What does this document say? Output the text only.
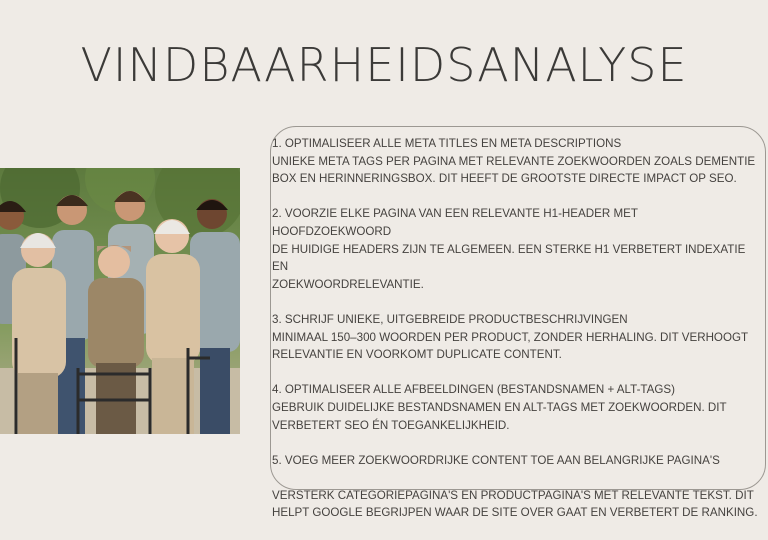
VINDBAARHEIDSANALYSE

1. OPTIMALISEER ALLE META TITLES EN META DESCRIPTIONS

UNIEKE META TAGS PER PAGINA MET RELEVANTE ZOEKWOORDEN ZOALS DEMENTIE
BOX EN HERINNERINGSBOX. DIT HEEFT DE GROOTSTE DIRECTE IMPACT OP SEO.

2. VOORZIE ELKE PAGINA VAN EEN RELEVANTE H1-HEADER MET HOOFDZOEKWOORD

DE HUIDIGE HEADERS ZIJN TE ALGEMEEN. EEN STERKE H1 VERBETERT INDEXATIE EN
ZOEKWOORDRELEVANTIE.

3. SCHRIJF UNIEKE, UITGEBREIDE PRODUCTBESCHRIJVINGEN

MINIMAAL 150–300 WOORDEN PER PRODUCT, ZONDER HERHALING. DIT VERHOOGT
RELEVANTIE EN VOORKOMT DUPLICATE CONTENT.

4. OPTIMALISEER ALLE AFBEELDINGEN (BESTANDSNAMEN + ALT-TAGS)

GEBRUIK DUIDELIJKE BESTANDSNAMEN EN ALT-TAGS MET ZOEKWOORDEN. DIT
VERBETERT SEO ÉN TOEGANKELIJKHEID.

5. VOEG MEER ZOEKWOORDRIJKE CONTENT TOE AAN BELANGRIJKE PAGINA'S

VERSTERK CATEGORIEPAGINA'S EN PRODUCTPAGINA'S MET RELEVANTE TEKST. DIT
HELPT GOOGLE BEGRIJPEN WAAR DE SITE OVER GAAT EN VERBETERT DE RANKING.
